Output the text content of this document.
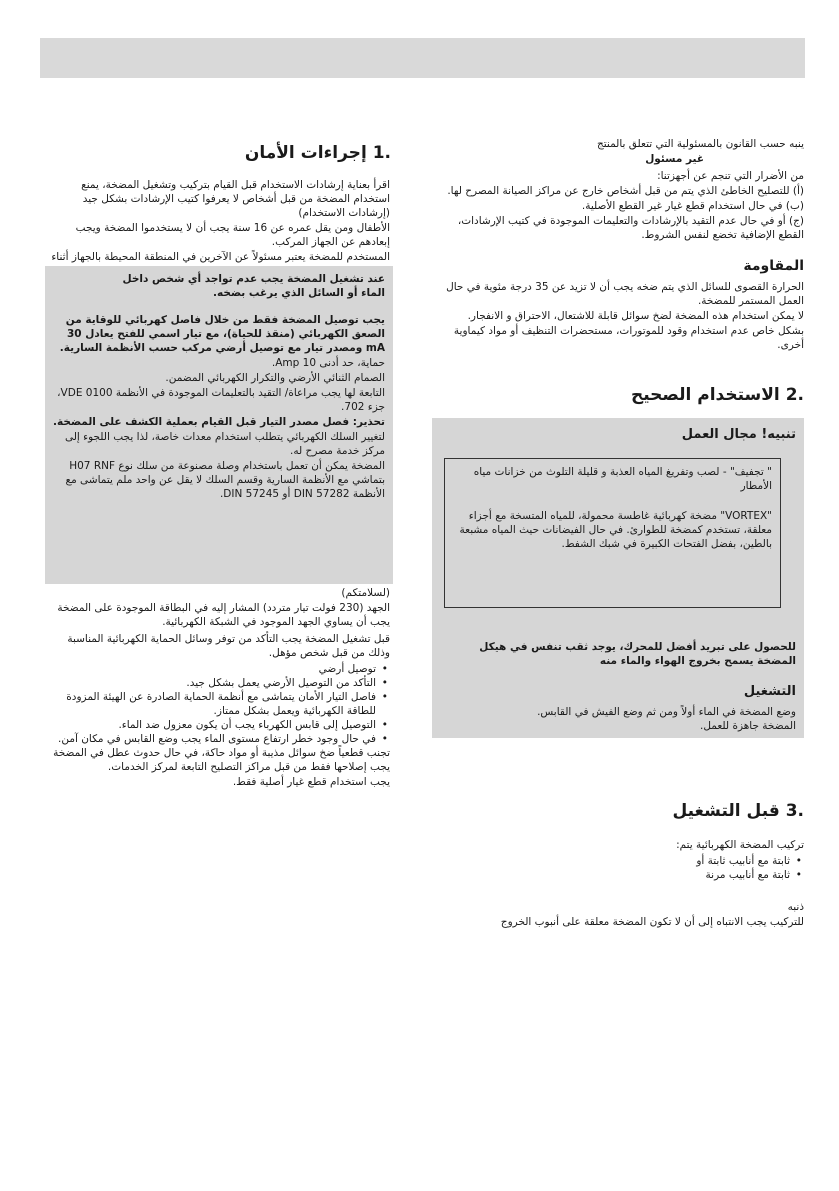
.1 إجراءات الأمان

اقرأ بعناية إرشادات الاستخدام قبل القيام بتركيب وتشغيل المضخة، يمنع استخدام المضخة من قبل أشخاص لا يعرفوا كتيب الإرشادات بشكل جيد (إرشادات الاستخدام)

الأطفال ومن يقل عمره عن 16 سنة يجب أن لا يستخدموا المضخة ويجب إبعادهم عن الجهاز المركب.

المستخدم للمضخة يعتبر مسئولاً عن الآخرين في المنطقة المحيطة بالجهاز أثناء

عند تشغيل المضخة يجب عدم تواجد أي شخص داخل الماء أو السائل الذي يرغب بضخه.

يجب توصيل المضخة فقط من خلال فاصل كهربائي للوقاية من الصعق الكهربائي (منقذ للحياة)، مع تيار اسمي للفتح يعادل 30 mA ومصدر تيار مع توصيل أرضي مركب حسب الأنظمة السارية.

حماية، حد أدنى 10 Amp.

الصمام الثنائي الأرضي والتكرار الكهربائي المضمن.

التابعة لها يجب مراعاة/ التقيد بالتعليمات الموجودة في الأنظمة VDE 0100، جزء 702.

تحذير: فصل مصدر التيار قبل القيام بعملية الكشف على المضخة.

لتغيير السلك الكهربائي يتطلب استخدام معدات خاصة، لذا يجب اللجوء إلى مركز خدمة مصرح له.

المضخة يمكن أن تعمل باستخدام وصلة مصنوعة من سلك نوع H07 RNF بتماشي مع الأنظمة السارية وقسم السلك لا يقل عن واحد ملم يتماشى مع الأنظمة DIN 57282 أو DIN 57245.

(لسلامتكم)

الجهد (230 فولت تيار متردد) المشار إليه في البطاقة الموجودة على المضخة يجب أن يساوي الجهد الموجود في الشبكة الكهربائية.

قبل تشغيل المضخة يجب التأكد من توفر وسائل الحماية الكهربائية المناسبة وذلك من قبل شخص مؤهل.

• توصيل أرضي
• التأكد من التوصيل الأرضي يعمل بشكل جيد.
• فاصل التيار الأمان يتماشى مع أنظمة الحماية الصادرة عن الهيئة المزودة للطاقة الكهربائية ويعمل بشكل ممتاز.
• التوصيل إلى قابس الكهرباء يجب أن يكون معزول ضد الماء.
• في حال وجود خطر ارتفاع مستوى الماء يجب وضع القابس في مكان آمن.

تجنب قطعياً ضخ سوائل مذيبة أو مواد حاكة، في حال حدوث عطل في المضخة يجب إصلاحها فقط من قبل مراكز التصليح التابعة لمركز الخدمات.

يجب استخدام قطع غيار أصلية فقط.

ينبه حسب القانون بالمسئولية التي تتعلق بالمنتج

غير مسئول

من الأضرار التي تنجم عن أجهزتنا:

(أ) للتصليح الخاطئ الذي يتم من قبل أشخاص خارج عن مراكز الصيانة المصرح لها.

(ب) في حال استخدام قطع غيار غير القطع الأصلية.

(ج) أو في حال عدم التقيد بالإرشادات والتعليمات الموجودة في كتيب الإرشادات، القطع الإضافية تخضع لنفس الشروط.

المقاومة

الحرارة القصوى للسائل الذي يتم ضخه يجب أن لا تزيد عن 35 درجة مئوية في حال العمل المستمر للمضخة.

لا يمكن استخدام هذه المضخة لضخ سوائل قابلة للاشتعال، الاحتراق و الانفجار.

بشكل خاص عدم استخدام وقود للموتورات، مستحضرات التنظيف أو مواد كيماوية أخرى.

.2 الاستخدام الصحيح
تنبيه! مجال العمل

" تجفيف" - لصب وتفريغ المياه العذبة و قليلة التلوث من خزانات مياه الأمطار

"VORTEX" مضخة كهربائية غاطسة محمولة، للمياه المتسخة مع أجزاء معلقة، تستخدم كمضخة للطوارئ. في حال الفيضانات حيث المياه مشبعة بالطين، بفضل الفتحات الكبيرة في شبك الشفط.

للحصول على تبريد أفضل للمحرك، يوجد ثقب تنفس في هيكل المضخة يسمح بخروج الهواء والماء منه

التشغيل

وضع المضخة في الماء أولاً ومن ثم وضع الفيش في القابس.

المضخة جاهزة للعمل.

.3 قبل التشغيل

تركيب المضخة الكهربائية يتم:

• ثابتة مع أنابيب ثابتة أو
• ثابتة مع أنابيب مرنة

ذنبه

للتركيب يجب الانتباه إلى أن لا تكون المضخة معلقة على أنبوب الخروج
